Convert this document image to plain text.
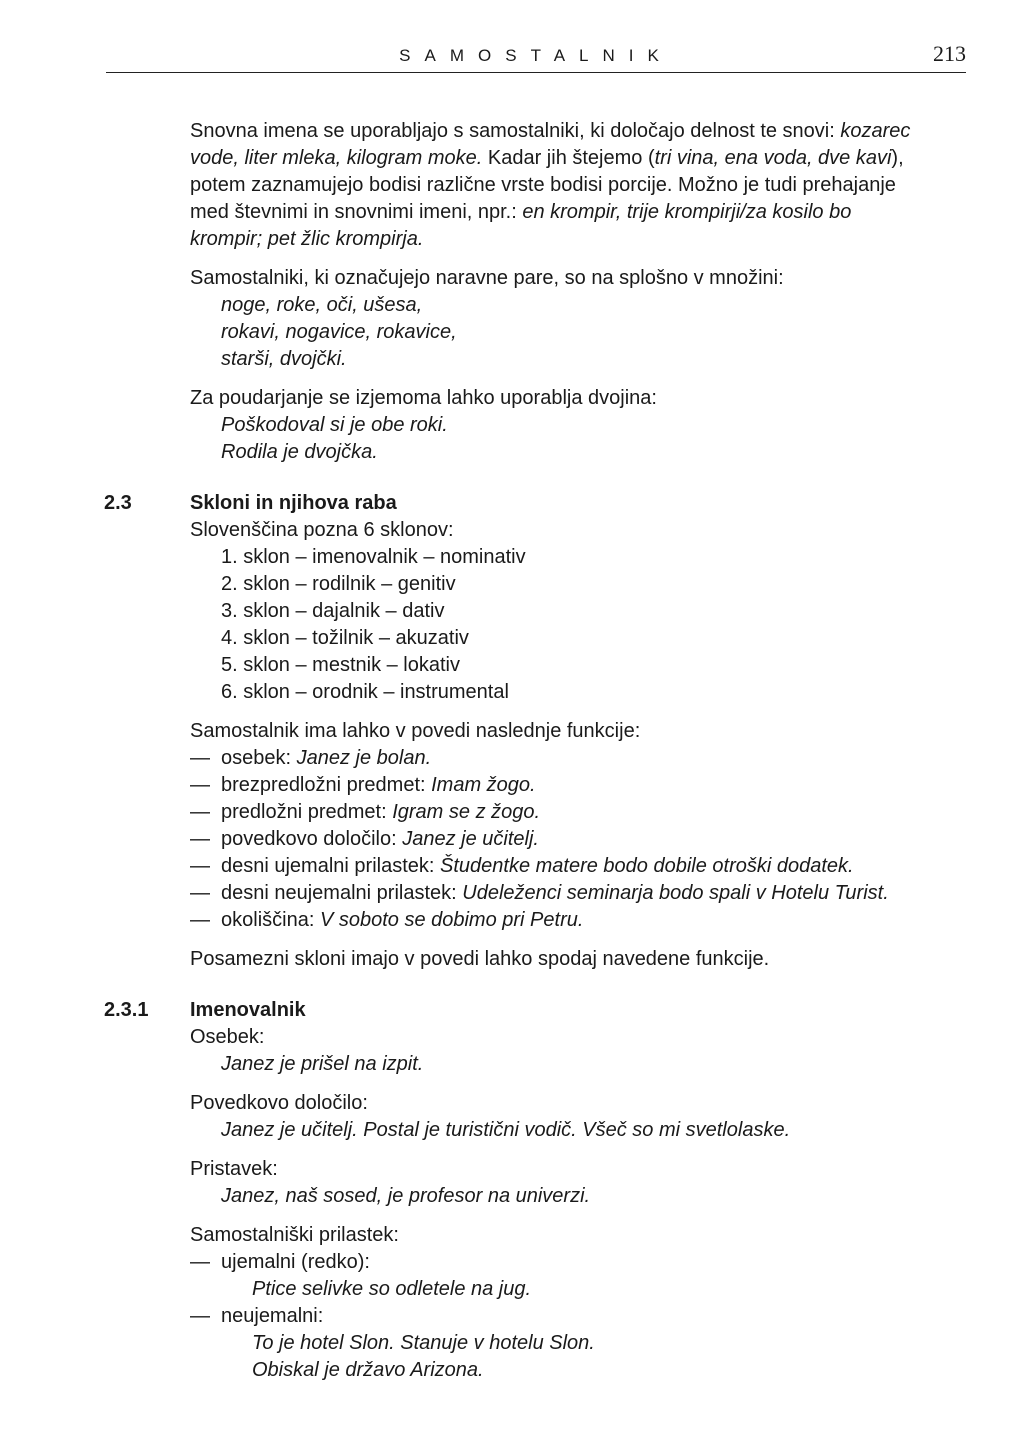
SAMOSTALNIK	213
Snovna imena se uporabljajo s samostalniki, ki določajo delnost te snovi: kozarec
vode, liter mleka, kilogram moke. Kadar jih štejemo (tri vina, ena voda, dve kavi),
potem zaznamujejo bodisi različne vrste bodisi porcije. Možno je tudi prehajanje
med števnimi in snovnimi imeni, npr.: en krompir, trije krompirji/za kosilo bo
krompir; pet žlic krompirja.
Samostalniki, ki označujejo naravne pare, so na splošno v množini:
noge, roke, oči, ušesa,
rokavi, nogavice, rokavice,
starši, dvojčki.
Za poudarjanje se izjemoma lahko uporablja dvojina:
Poškodoval si je obe roki.
Rodila je dvojčka.
2.3	Skloni in njihova raba
Slovenščina pozna 6 sklonov:
1. sklon – imenovalnik – nominativ
2. sklon – rodilnik – genitiv
3. sklon – dajalnik – dativ
4. sklon – tožilnik – akuzativ
5. sklon – mestnik – lokativ
6. sklon – orodnik – instrumental
Samostalnik ima lahko v povedi naslednje funkcije:
— osebek: Janez je bolan.
— brezpredložni predmet: Imam žogo.
— predložni predmet: Igram se z žogo.
— povedkovo določilo: Janez je učitelj.
— desni ujemalni prilastek: Študentke matere bodo dobile otroški dodatek.
— desni neujemalni prilastek: Udeleženci seminarja bodo spali v Hotelu Turist.
— okoliščina: V soboto se dobimo pri Petru.
Posamezni skloni imajo v povedi lahko spodaj navedene funkcije.
2.3.1 Imenovalnik
Osebek:
Janez je prišel na izpit.
Povedkovo določilo:
Janez je učitelj. Postal je turistični vodič. Všeč so mi svetlolaske.
Pristavek:
Janez, naš sosed, je profesor na univerzi.
Samostalniški prilastek:
— ujemalni (redko):
Ptice selivke so odletele na jug.
— neujemalni:
To je hotel Slon. Stanuje v hotelu Slon.
Obiskal je državo Arizona.
